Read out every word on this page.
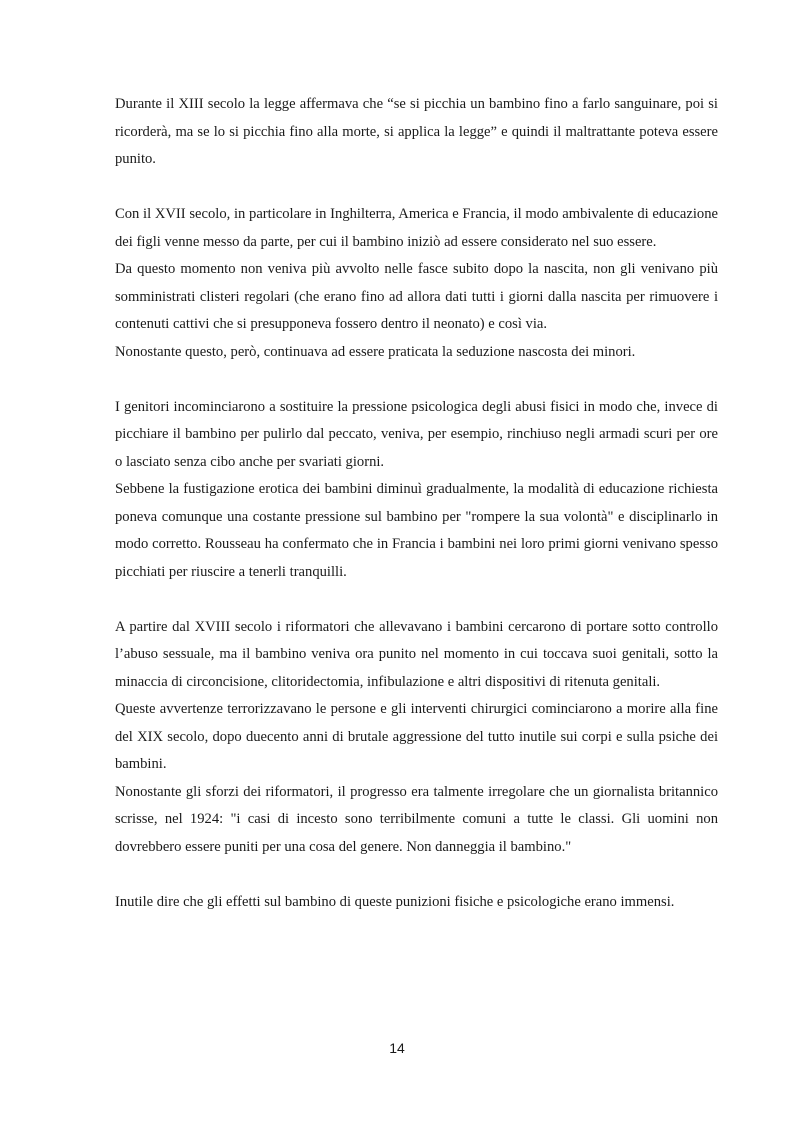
Durante il XIII secolo la legge affermava che “se si picchia un bambino fino a farlo sanguinare, poi si ricorderà, ma se lo si picchia fino alla morte, si applica la legge” e quindi il maltrattante poteva essere punito.

Con il XVII secolo, in particolare in Inghilterra, America e Francia, il modo ambivalente di educazione dei figli venne messo da parte, per cui il bambino iniziò ad essere considerato nel suo essere.

Da questo momento non veniva più avvolto nelle fasce subito dopo la nascita, non gli venivano più somministrati clisteri regolari (che erano fino ad allora dati tutti i giorni dalla nascita per rimuovere i contenuti cattivi che si presupponeva fossero dentro il neonato) e così via.

Nonostante questo, però, continuava ad essere praticata la seduzione nascosta dei minori.

I genitori incominciarono a sostituire la pressione psicologica degli abusi fisici in modo che, invece di picchiare il bambino per pulirlo dal peccato, veniva, per esempio, rinchiuso negli armadi scuri per ore o lasciato senza cibo anche per svariati giorni.

Sebbene la fustigazione erotica dei bambini diminuì gradualmente, la modalità di educazione richiesta poneva comunque una costante pressione sul bambino per "rompere la sua volontà" e disciplinarlo in modo corretto. Rousseau ha confermato che in Francia i bambini nei loro primi giorni venivano spesso picchiati per riuscire a tenerli tranquilli.

A partire dal XVIII secolo i riformatori che allevavano i bambini cercarono di portare sotto controllo l’abuso sessuale, ma il bambino veniva ora punito nel momento in cui toccava suoi genitali, sotto la minaccia di circoncisione, clitoridectomia, infibulazione e altri dispositivi di ritenuta genitali.

Queste avvertenze terrorizzavano le persone e gli interventi chirurgici cominciarono a morire alla fine del XIX secolo, dopo duecento anni di brutale aggressione del tutto inutile sui corpi e sulla psiche dei bambini.

Nonostante gli sforzi dei riformatori, il progresso era talmente irregolare che un giornalista britannico scrisse, nel 1924: "i casi di incesto sono terribilmente comuni a tutte le classi. Gli uomini non dovrebbero essere puniti per una cosa del genere. Non danneggia il bambino."

Inutile dire che gli effetti sul bambino di queste punizioni fisiche e psicologiche erano immensi.

14
